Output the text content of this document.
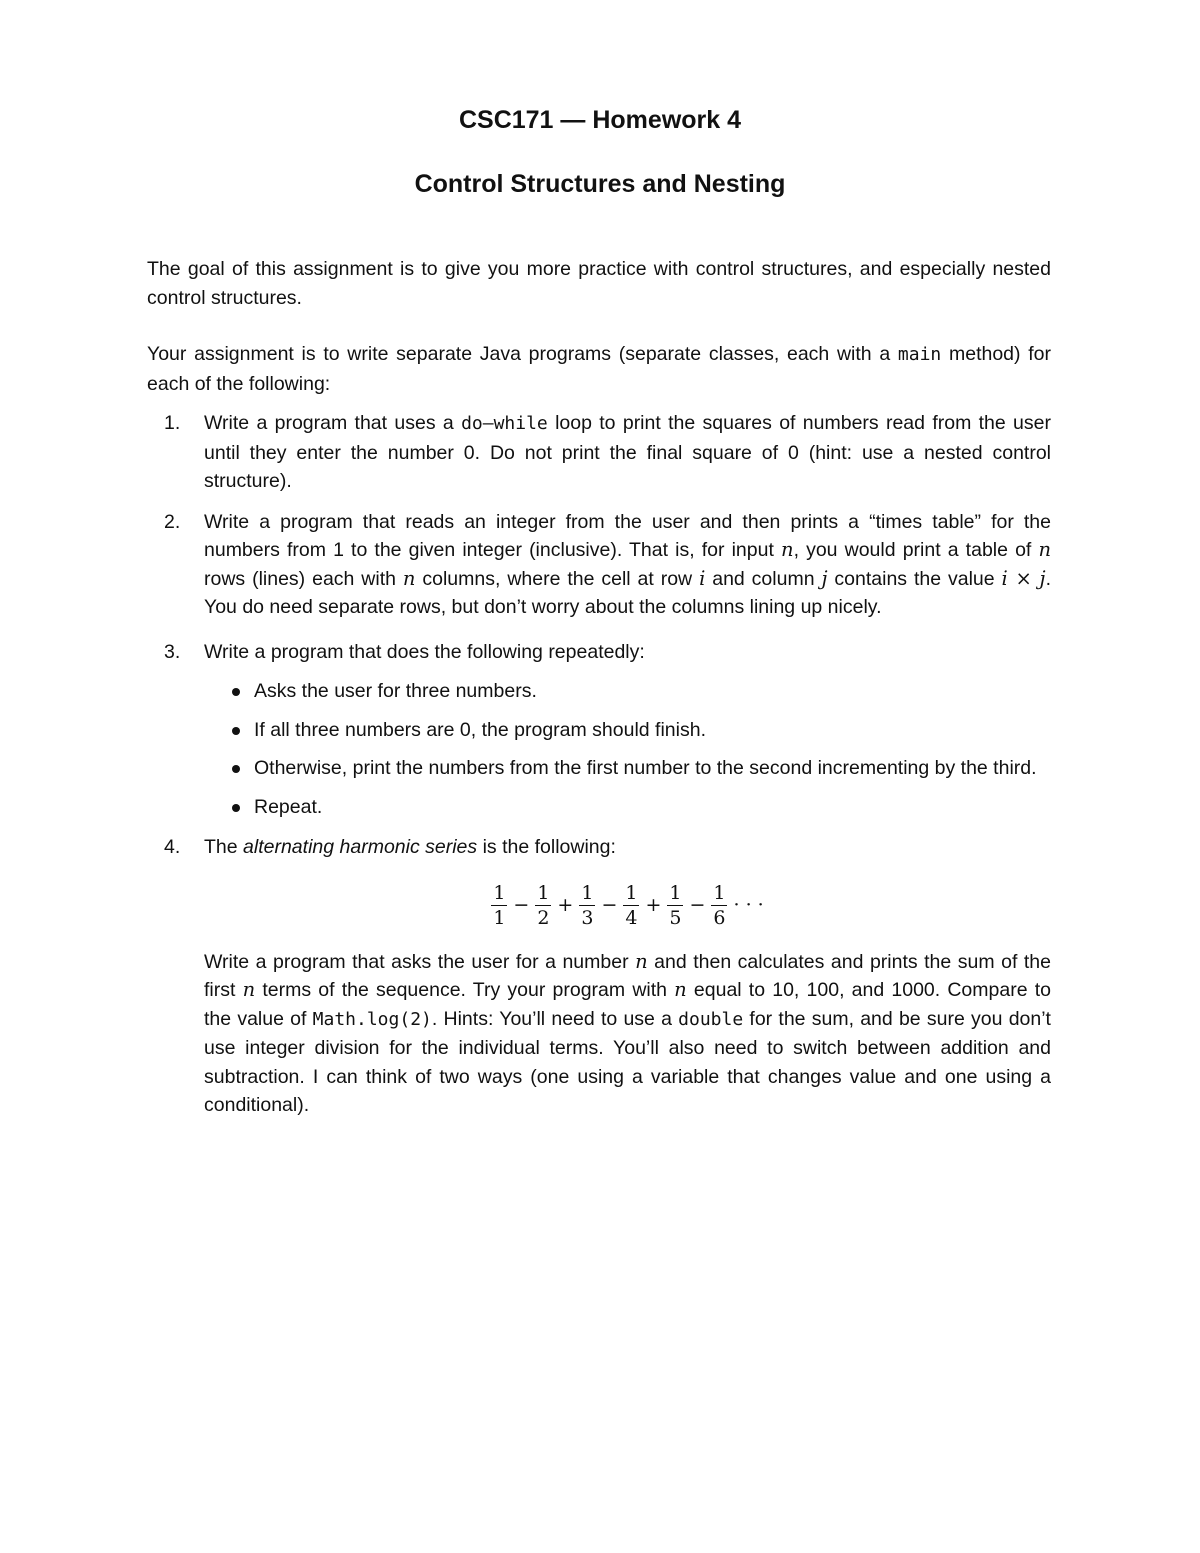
CSC171 — Homework 4
Control Structures and Nesting
The goal of this assignment is to give you more practice with control structures, and especially nested control structures.
Your assignment is to write separate Java programs (separate classes, each with a main method) for each of the following:
1. Write a program that uses a do–while loop to print the squares of numbers read from the user until they enter the number 0. Do not print the final square of 0 (hint: use a nested control structure).
2. Write a program that reads an integer from the user and then prints a “times table” for the numbers from 1 to the given integer (inclusive). That is, for input n, you would print a table of n rows (lines) each with n columns, where the cell at row i and column j contains the value i × j. You do need separate rows, but don’t worry about the columns lining up nicely.
3. Write a program that does the following repeatedly:
Asks the user for three numbers.
If all three numbers are 0, the program should finish.
Otherwise, print the numbers from the first number to the second incrementing by the third.
Repeat.
4. The alternating harmonic series is the following:
$\frac{1}{1} - \frac{1}{2} + \frac{1}{3} - \frac{1}{4} + \frac{1}{5} - \frac{1}{6}$ · · ·
Write a program that asks the user for a number n and then calculates and prints the sum of the first n terms of the sequence. Try your program with n equal to 10, 100, and 1000. Compare to the value of Math.log(2). Hints: You’ll need to use a double for the sum, and be sure you don’t use integer division for the individual terms. You’ll also need to switch between addition and subtraction. I can think of two ways (one using a variable that changes value and one using a conditional).
